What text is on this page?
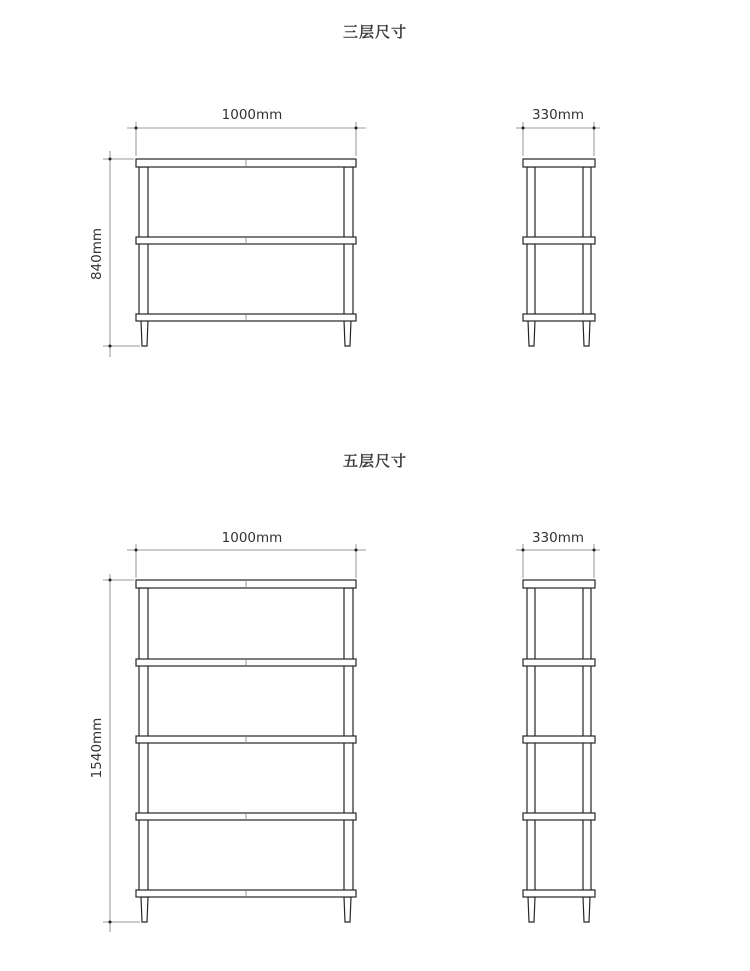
三层尺寸
五层尺寸
1000mm
840mm
330mm
1000mm
1540mm
330mm
